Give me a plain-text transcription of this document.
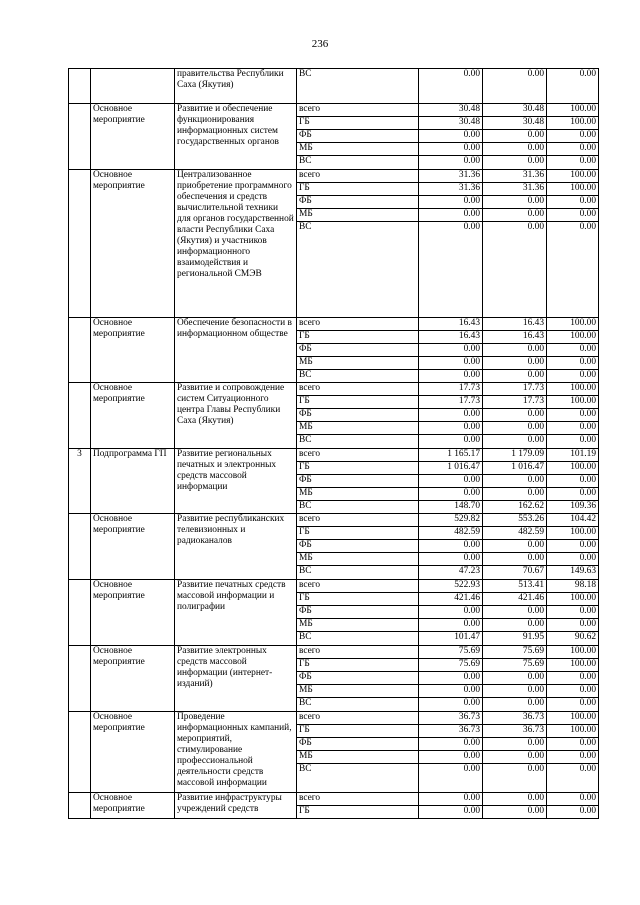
236
		правительства Республики Саха (Якутия)	ВС	0.00	0.00	0.00
	Основное мероприятие	Развитие и обеспечение функционирования информационных систем государственных органов	всего	30.48	30.48	100.00
			ГБ	30.48	30.48	100.00
			ФБ	0.00	0.00	0.00
			МБ	0.00	0.00	0.00
			ВС	0.00	0.00	0.00
	Основное мероприятие	Централизованное приобретение программного обеспечения и средств вычислительной техники для органов государственной власти Республики Саха (Якутия) и участников информационного взаимодействия и региональной СМЭВ	всего	31.36	31.36	100.00
			ГБ	31.36	31.36	100.00
			ФБ	0.00	0.00	0.00
			МБ	0.00	0.00	0.00
			ВС	0.00	0.00	0.00
	Основное мероприятие	Обеспечение безопасности в информационном обществе	всего	16.43	16.43	100.00
			ГБ	16.43	16.43	100.00
			ФБ	0.00	0.00	0.00
			МБ	0.00	0.00	0.00
			ВС	0.00	0.00	0.00
	Основное мероприятие	Развитие и сопровождение систем Ситуационного центра Главы Республики Саха (Якутия)	всего	17.73	17.73	100.00
			ГБ	17.73	17.73	100.00
			ФБ	0.00	0.00	0.00
			МБ	0.00	0.00	0.00
			ВС	0.00	0.00	0.00
3	Подпрограмма ГП	Развитие региональных печатных и электронных средств массовой информации	всего	1 165.17	1 179.09	101.19
			ГБ	1 016.47	1 016.47	100.00
			ФБ	0.00	0.00	0.00
			МБ	0.00	0.00	0.00
			ВС	148.70	162.62	109.36
	Основное мероприятие	Развитие республиканских телевизионных и радиоканалов	всего	529.82	553.26	104.42
			ГБ	482.59	482.59	100.00
			ФБ	0.00	0.00	0.00
			МБ	0.00	0.00	0.00
			ВС	47.23	70.67	149.63
	Основное мероприятие	Развитие печатных средств массовой информации и полиграфии	всего	522.93	513.41	98.18
			ГБ	421.46	421.46	100.00
			ФБ	0.00	0.00	0.00
			МБ	0.00	0.00	0.00
			ВС	101.47	91.95	90.62
	Основное мероприятие	Развитие электронных средств массовой информации (интернет-изданий)	всего	75.69	75.69	100.00
			ГБ	75.69	75.69	100.00
			ФБ	0.00	0.00	0.00
			МБ	0.00	0.00	0.00
			ВС	0.00	0.00	0.00
	Основное мероприятие	Проведение информационных кампаний, мероприятий, стимулирование профессиональной деятельности средств массовой информации	всего	36.73	36.73	100.00
			ГБ	36.73	36.73	100.00
			ФБ	0.00	0.00	0.00
			МБ	0.00	0.00	0.00
			ВС	0.00	0.00	0.00
	Основное мероприятие	Развитие инфраструктуры учреждений средств	всего	0.00	0.00	0.00
			ГБ	0.00	0.00	0.00
